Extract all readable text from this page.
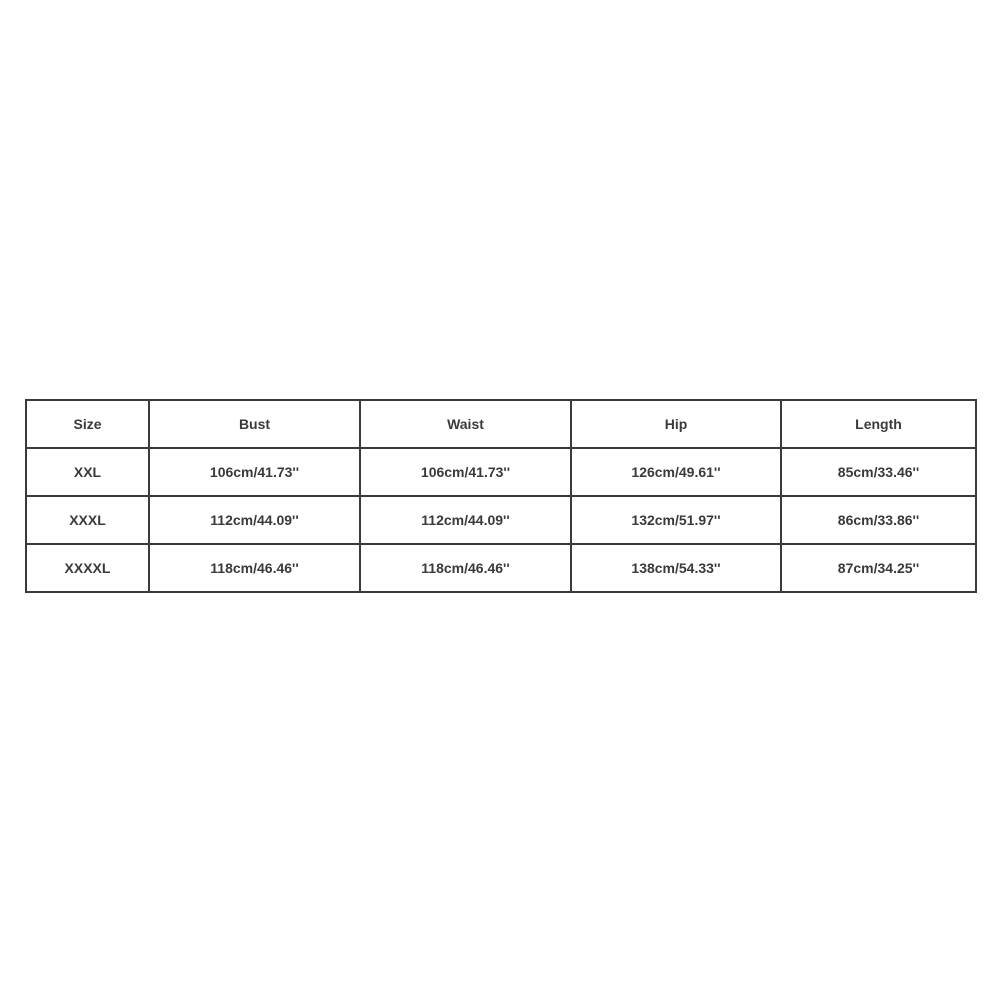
Size	Bust	Waist	Hip	Length
XXL	106cm/41.73''	106cm/41.73''	126cm/49.61''	85cm/33.46''
XXXL	112cm/44.09''	112cm/44.09''	132cm/51.97''	86cm/33.86''
XXXXL	118cm/46.46''	118cm/46.46''	138cm/54.33''	87cm/34.25''
